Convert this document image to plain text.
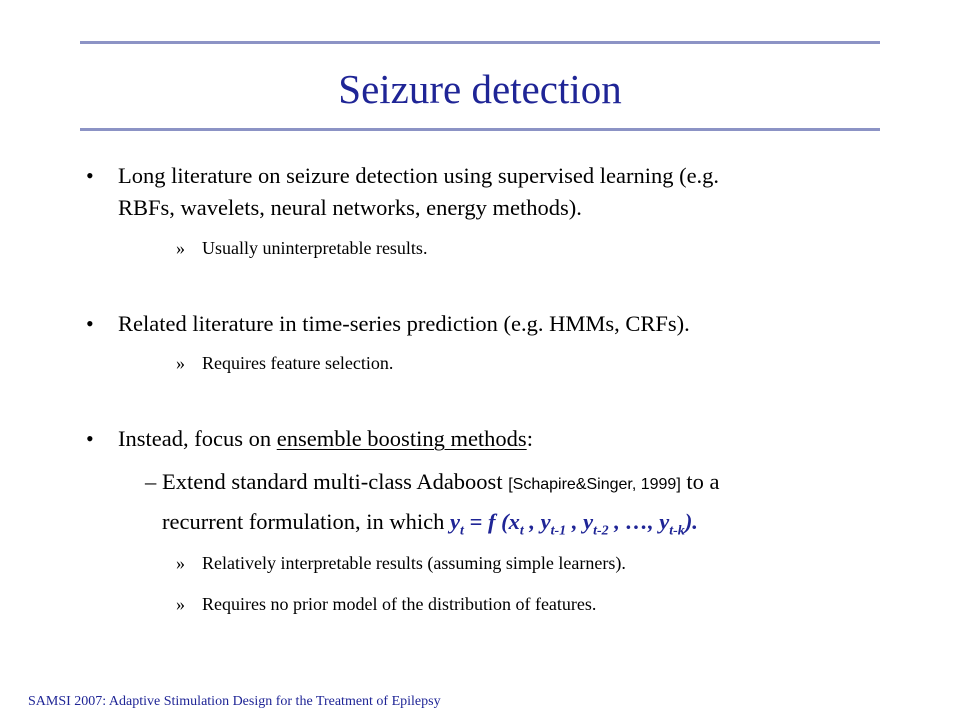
Seizure detection
• Long literature on seizure detection using supervised learning (e.g.
RBFs, wavelets, neural networks, energy methods).
» Usually uninterpretable results.
• Related literature in time-series prediction (e.g. HMMs, CRFs).
» Requires feature selection.
• Instead, focus on ensemble boosting methods:
– Extend standard multi-class Adaboost [Schapire&Singer, 1999] to a
recurrent formulation, in which $y_t = f$ ($x_t$ , $y_{t-1}$ , $y_{t-2}$ , …, $y_{t-k}$).
» Relatively interpretable results (assuming simple learners).
» Requires no prior model of the distribution of features.
SAMSI 2007: Adaptive Stimulation Design for the Treatment of Epilepsy
